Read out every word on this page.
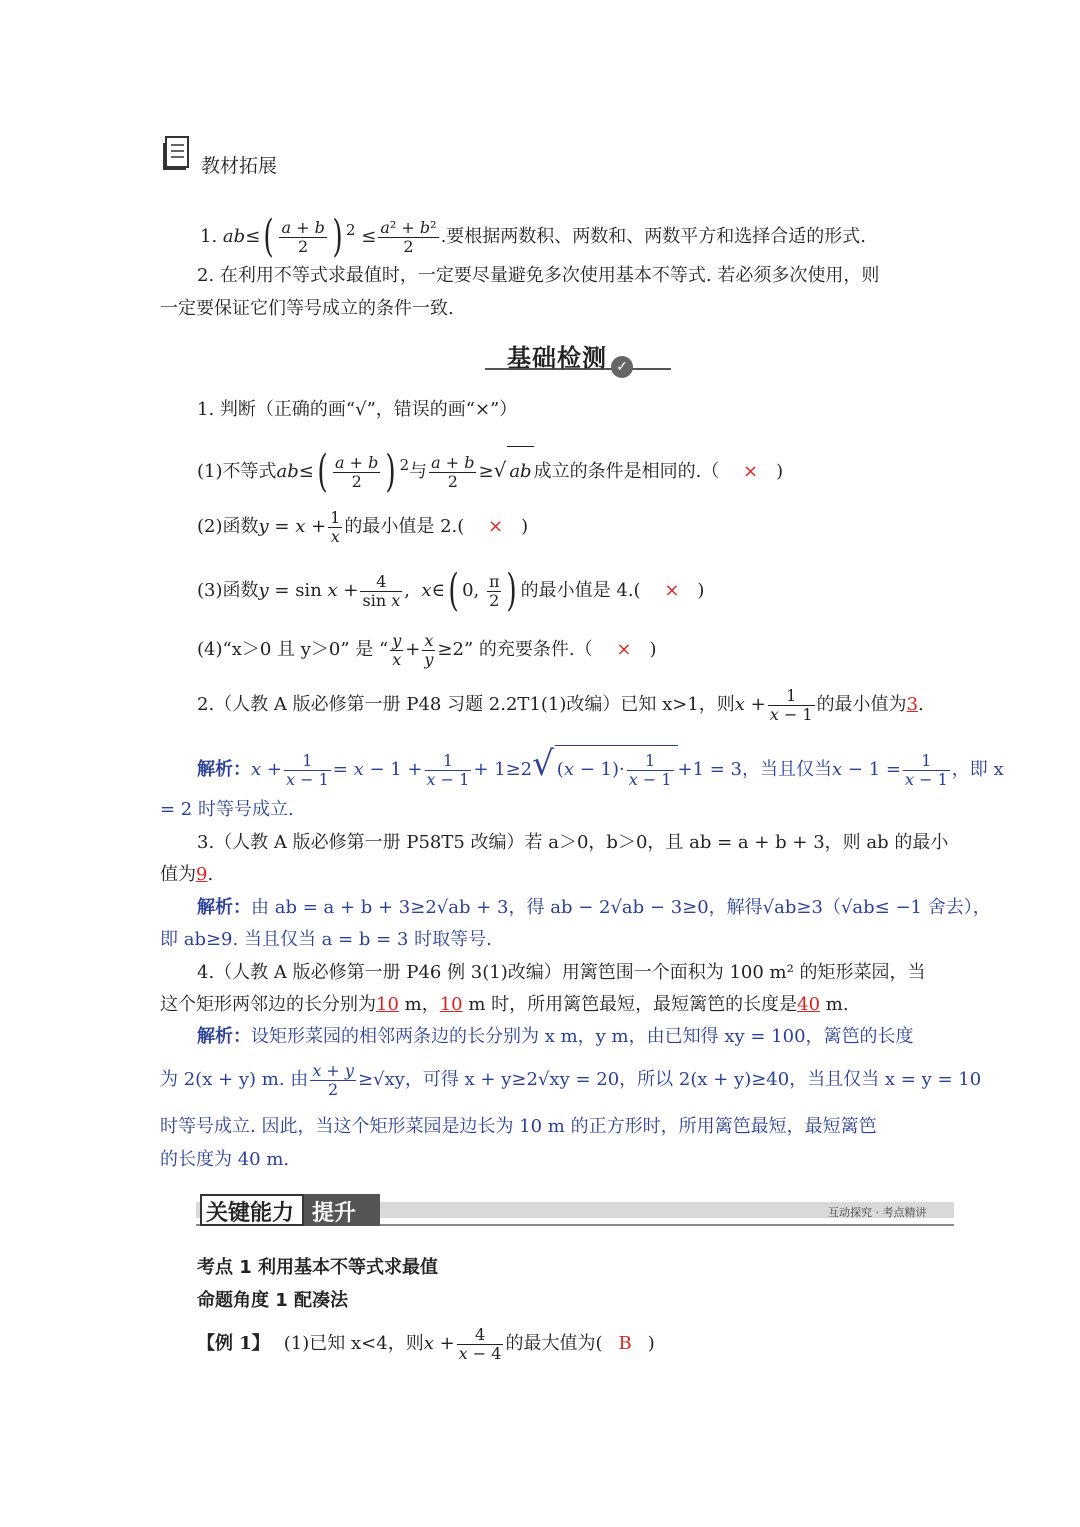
教材拓展
1. $ab\le( \frac{a + b}{2}$ ) $^2 \le \frac{\text{a² + b²}}{2}$ .要根据两数积、两数和、两数平方和选择合适的形式.
2. 在利用不等式求最值时，一定要尽量避免多次使用基本不等式. 若必须多次使用，则
一定要保证它们等号成立的条件一致.
基础检测 ✓
1. 判断（正确的画“√”，错误的画“×”）
(1)不等式$ab\le( \frac{a + b}{2}$ ) $^2$与 $\frac{a + b}{2}$ ≥√ ab 成立的条件是相同的.（ × )
(2)函数$y = x + \frac{1}{x}$ 的最小值是 2.( × )
(3)函数$y = \sin x + \frac{4}{\text{sin x}}$ ,  x∈( 0, $\frac{\pi}{2}$ ) 的最小值是 4.( × )
(4)“x＞0 且 y＞0” 是 “ $\frac{y}{x} + \frac{x}{y} \ge 2$” 的充要条件.（ × )
2.（人教 A 版必修第一册 P48 习题 2.2T1(1)改编）已知 x>1，则$x + \frac{1}{x - 1}$ 的最小值为3.
解析：$x + \frac{1}{x - 1} = x - 1 + \frac{1}{x - 1} + 1\ge 2√$ $(x - 1)\cdot \frac{1}{x - 1} +1 = 3$，当且仅当$x - 1 = \frac{1}{x - 1}$ ，即 x
= 2 时等号成立.
3.（人教 A 版必修第一册 P58T5 改编）若 a＞0，b＞0，且 ab = a + b + 3，则 ab 的最小
值为9.
解析：由 ab = a + b + 3≥2√ab + 3，得 ab − 2√ab − 3≥0，解得√ab≥3（√ab≤ −1 舍去），
即 ab≥9. 当且仅当 a = b = 3 时取等号.
4.（人教 A 版必修第一册 P46 例 3(1)改编）用篱笆围一个面积为 100 m² 的矩形菜园，当
这个矩形两邻边的长分别为10 m，10 m 时，所用篱笆最短，最短篱笆的长度是40 m.
解析：设矩形菜园的相邻两条边的长分别为 x m，y m，由已知得 xy = 100，篱笆的长度
为 2(x + y) m. 由 $\frac{x + y}{2} \ge√xy$，可得 x + y≥2√xy = 20，所以 2(x + y)≥40，当且仅当 x = y = 10
时等号成立. 因此，当这个矩形菜园是边长为 10 m 的正方形时，所用篱笆最短，最短篱笆
的长度为 40 m.
关键能力 提升	互动探究 · 考点精讲
考点 1 利用基本不等式求最值
命题角度 1 配凑法
【例 1】 (1)已知 x<4，则$x + \frac{4}{x - 4}$ 的最大值为( B )
